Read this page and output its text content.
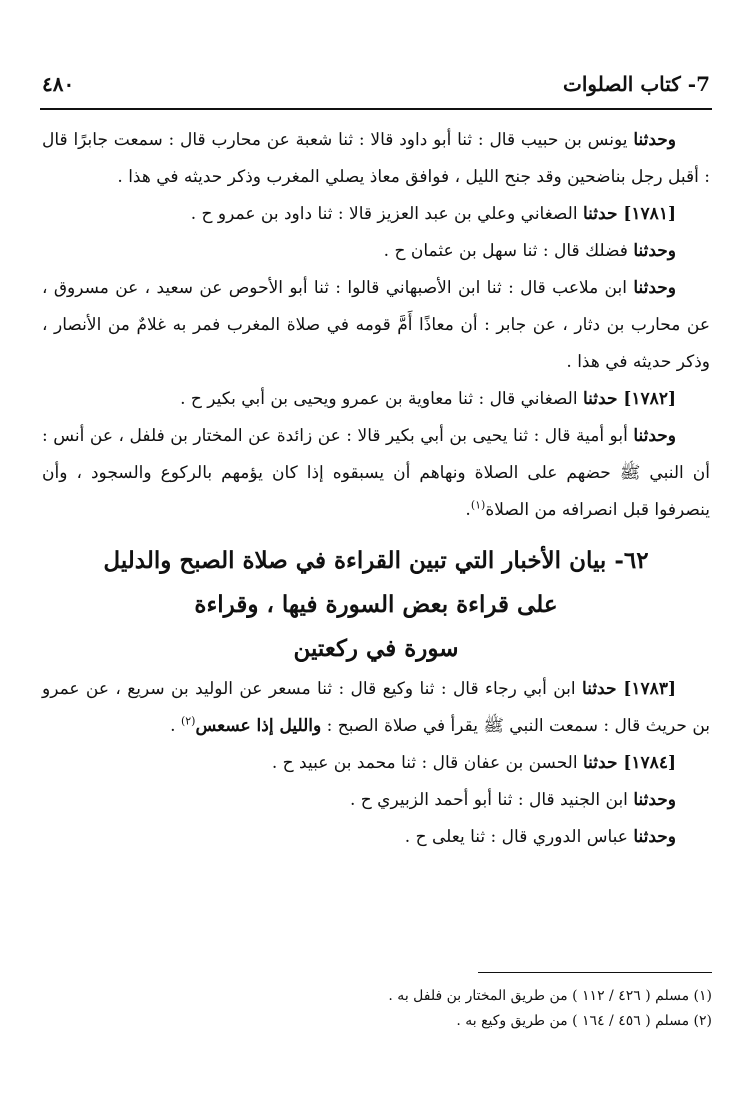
7- كتاب الصلوات
٤٨٠

وحدثنا يونس بن حبيب قال : ثنا أبو داود قالا : ثنا شعبة عن محارب قال : سمعت جابرًا قال : أقبل رجل بناضحين وقد جنح الليل ، فوافق معاذ يصلي المغرب وذكر حديثه في هذا .

[١٧٨١] حدثنا الصغاني وعلي بن عبد العزيز قالا : ثنا داود بن عمرو ح .

وحدثنا فضلك قال : ثنا سهل بن عثمان ح .

وحدثنا ابن ملاعب قال : ثنا ابن الأصبهاني قالوا : ثنا أبو الأحوص عن سعيد ، عن مسروق ، عن محارب بن دثار ، عن جابر : أن معاذًا أَمَّ قومه في صلاة المغرب فمر به غلامٌ من الأنصار ، وذكر حديثه في هذا .

[١٧٨٢] حدثنا الصغاني قال : ثنا معاوية بن عمرو ويحيى بن أبي بكير ح .

وحدثنا أبو أمية قال : ثنا يحيى بن أبي بكير قالا : عن زائدة عن المختار بن فلفل ، عن أنس : أن النبي ﷺ حضهم على الصلاة ونهاهم أن يسبقوه إذا كان يؤمهم بالركوع والسجود ، وأن ينصرفوا قبل انصرافه من الصلاة$^{(١)}$.

٦٢- بيان الأخبار التي تبين القراءة في صلاة الصبح والدليل
على قراءة بعض السورة فيها ، وقراءة
سورة في ركعتين

[١٧٨٣] حدثنا ابن أبي رجاء قال : ثنا وكيع قال : ثنا مسعر عن الوليد بن سريع ، عن عمرو بن حريث قال : سمعت النبي ﷺ يقرأ في صلاة الصبح : والليل إذا عسعس$^{(٢)}$ .

[١٧٨٤] حدثنا الحسن بن عفان قال : ثنا محمد بن عبيد ح .

وحدثنا ابن الجنيد قال : ثنا أبو أحمد الزبيري ح .

وحدثنا عباس الدوري قال : ثنا يعلى ح .

(١) مسلم ( ٤٢٦ / ١١٢ ) من طريق المختار بن فلفل به .
(٢) مسلم ( ٤٥٦ / ١٦٤ ) من طريق وكيع به .
